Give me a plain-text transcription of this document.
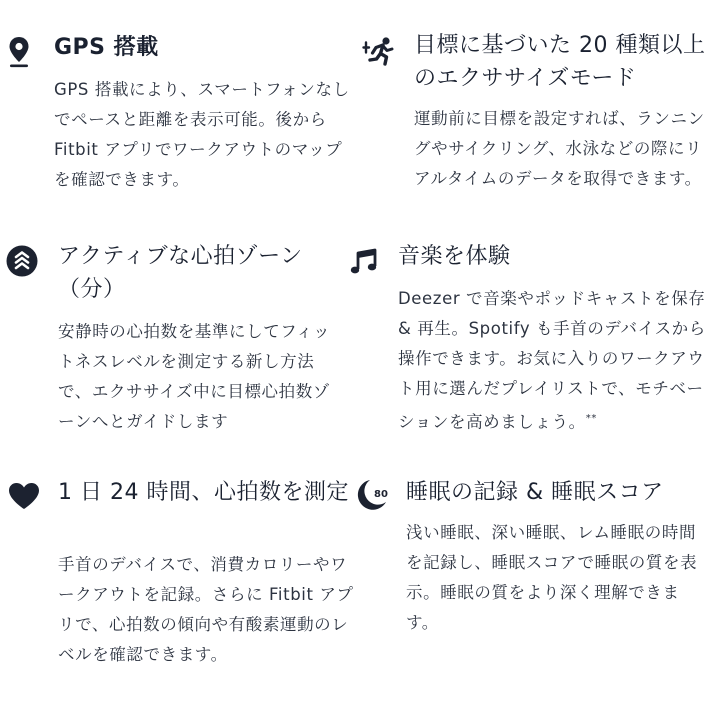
GPS 搭載

GPS 搭載により、スマートフォンなしでペースと距離を表示可能。後から Fitbit アプリでワークアウトのマップを確認できます。

目標に基づいた 20 種類以上のエクササイズモード

運動前に目標を設定すれば、ランニングやサイクリング、水泳などの際にリアルタイムのデータを取得できます。

アクティブな心拍ゾーン（分）

安静時の心拍数を基準にしてフィットネスレベルを測定する新し方法で、エクササイズ中に目標心拍数ゾーンへとガイドします

音楽を体験

Deezer で音楽やポッドキャストを保存 & 再生。Spotify も手首のデバイスから操作できます。お気に入りのワークアウト用に選んだプレイリストで、モチベーションを高めましょう。**

1 日 24 時間、心拍数を測定

手首のデバイスで、消費カロリーやワークアウトを記録。さらに Fitbit アプリで、心拍数の傾向や有酸素運動のレベルを確認できます。

80 睡眠の記録 & 睡眠スコア

浅い睡眠、深い睡眠、レム睡眠の時間を記録し、睡眠スコアで睡眠の質を表示。睡眠の質をより深く理解できます。
